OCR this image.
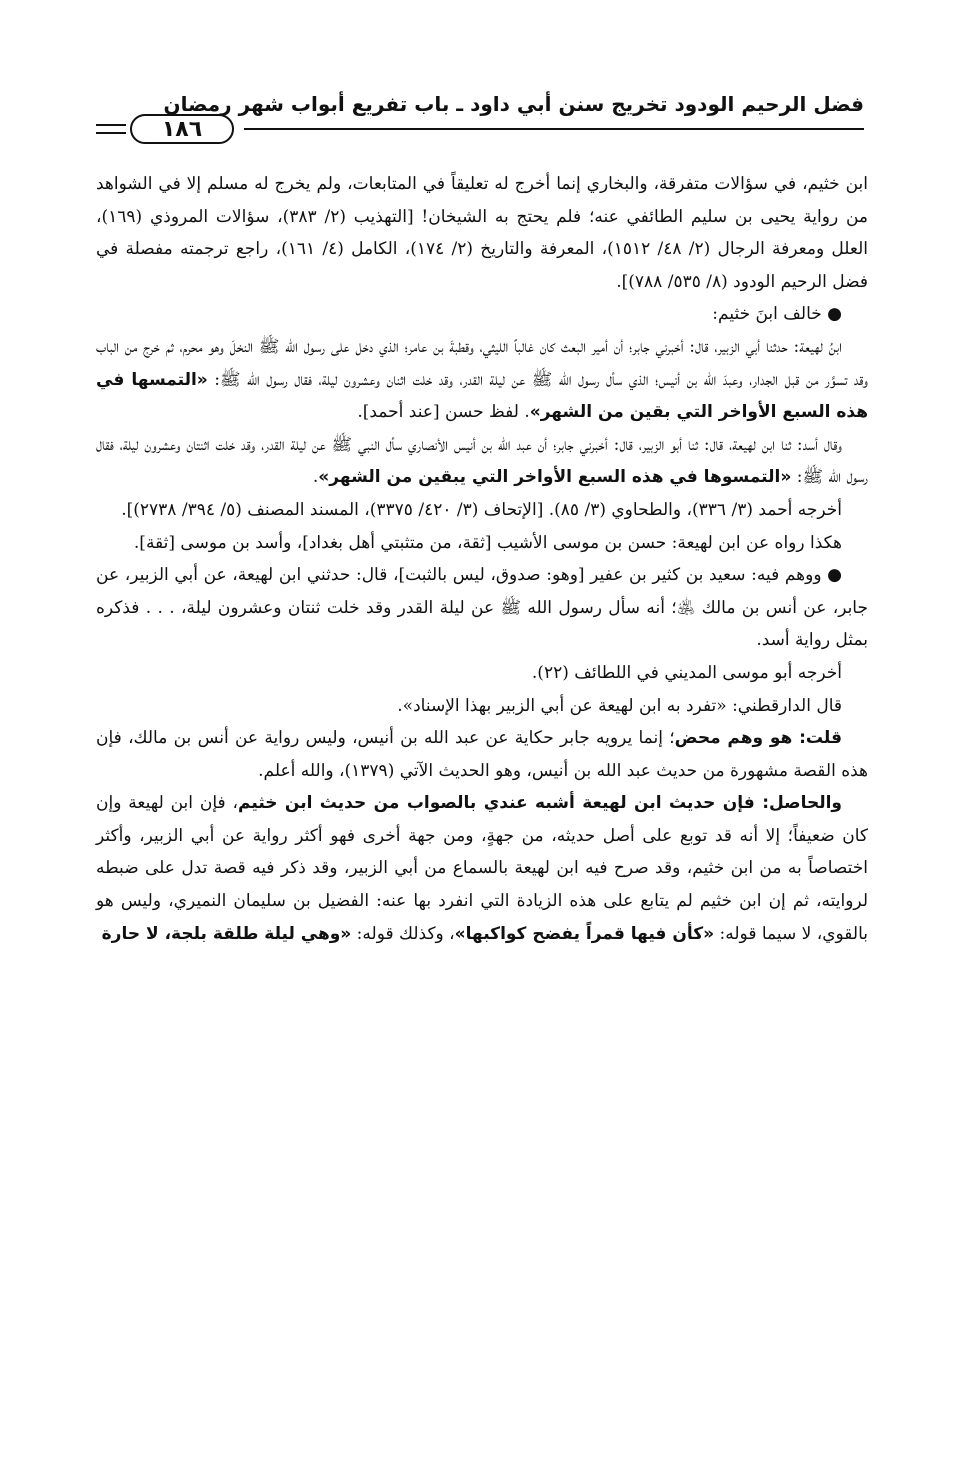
فضل الرحيم الودود تخريج سنن أبي داود ـ باب تفريع أبواب شهر رمضان
١٨٦

ابن خثيم، في سؤالات متفرقة، والبخاري إنما أخرج له تعليقاً في المتابعات، ولم يخرج له مسلم إلا في الشواهد من رواية يحيى بن سليم الطائفي عنه؛ فلم يحتج به الشيخان! [التهذيب (٢/ ٣٨٣)، سؤالات المروذي (١٦٩)، العلل ومعرفة الرجال (٢/ ٤٨/ ١٥١٢)، المعرفة والتاريخ (٢/ ١٧٤)، الكامل (٤/ ١٦١)، راجع ترجمته مفصلة في فضل الرحيم الودود (٨/ ٥٣٥/ ٧٨٨)].

● خالف ابنَ خثيم:

ابنُ لهيعة: حدثنا أبي الزبير، قال: أخبرني جابر؛ أن أمير البعث كان غالباً الليثي، وقطبةَ بن عامر؛ الذي دخل على رسول الله ﷺ النخلَ وهو محرم، ثم خرج من الباب وقد تسوَّر من قبل الجدار، وعبدَ الله بن أنيس؛ الذي سأل رسول الله ﷺ عن ليلة القدر، وقد خلت اثنان وعشرون ليلة، فقال رسول الله ﷺ: «التمسها في هذه السبع الأواخر التي بقين من الشهر». لفظ حسن [عند أحمد].

وقال أسد: ثنا ابن لهيعة، قال: ثنا أبو الزبير، قال: أخبرني جابر؛ أن عبد الله بن أنيس الأنصاري سأل النبي ﷺ عن ليلة القدر، وقد خلت اثنتان وعشرون ليلة، فقال رسول الله ﷺ: «التمسوها في هذه السبع الأواخر التي يبقين من الشهر».

أخرجه أحمد (٣/ ٣٣٦)، والطحاوي (٣/ ٨٥). [الإتحاف (٣/ ٤٢٠/ ٣٣٧٥)، المسند المصنف (٥/ ٣٩٤/ ٢٧٣٨)].

هكذا رواه عن ابن لهيعة: حسن بن موسى الأشيب [ثقة، من متثبتي أهل بغداد]، وأسد بن موسى [ثقة].

● ووهم فيه: سعيد بن كثير بن عفير [وهو: صدوق، ليس بالثبت]، قال: حدثني ابن لهيعة، عن أبي الزبير، عن جابر، عن أنس بن مالك ﵁؛ أنه سأل رسول الله ﷺ عن ليلة القدر وقد خلت ثنتان وعشرون ليلة، . . . فذكره بمثل رواية أسد.

أخرجه أبو موسى المديني في اللطائف (٢٢).

قال الدارقطني: «تفرد به ابن لهيعة عن أبي الزبير بهذا الإسناد».

قلت: هو وهم محض؛ إنما يرويه جابر حكاية عن عبد الله بن أنيس، وليس رواية عن أنس بن مالك، فإن هذه القصة مشهورة من حديث عبد الله بن أنيس، وهو الحديث الآتي (١٣٧٩)، والله أعلم.

والحاصل: فإن حديث ابن لهيعة أشبه عندي بالصواب من حديث ابن خثيم، فإن ابن لهيعة وإن كان ضعيفاً؛ إلا أنه قد توبع على أصل حديثه، من جهةٍ، ومن جهة أخرى فهو أكثر رواية عن أبي الزبير، وأكثر اختصاصاً به من ابن خثيم، وقد صرح فيه ابن لهيعة بالسماع من أبي الزبير، وقد ذكر فيه قصة تدل على ضبطه لروايته، ثم إن ابن خثيم لم يتابع على هذه الزيادة التي انفرد بها عنه: الفضيل بن سليمان النميري، وليس هو بالقوي، لا سيما قوله: «كأن فيها قمراً يفضح كواكبها»، وكذلك قوله: «وهي ليلة طلقة بلجة، لا حارة
